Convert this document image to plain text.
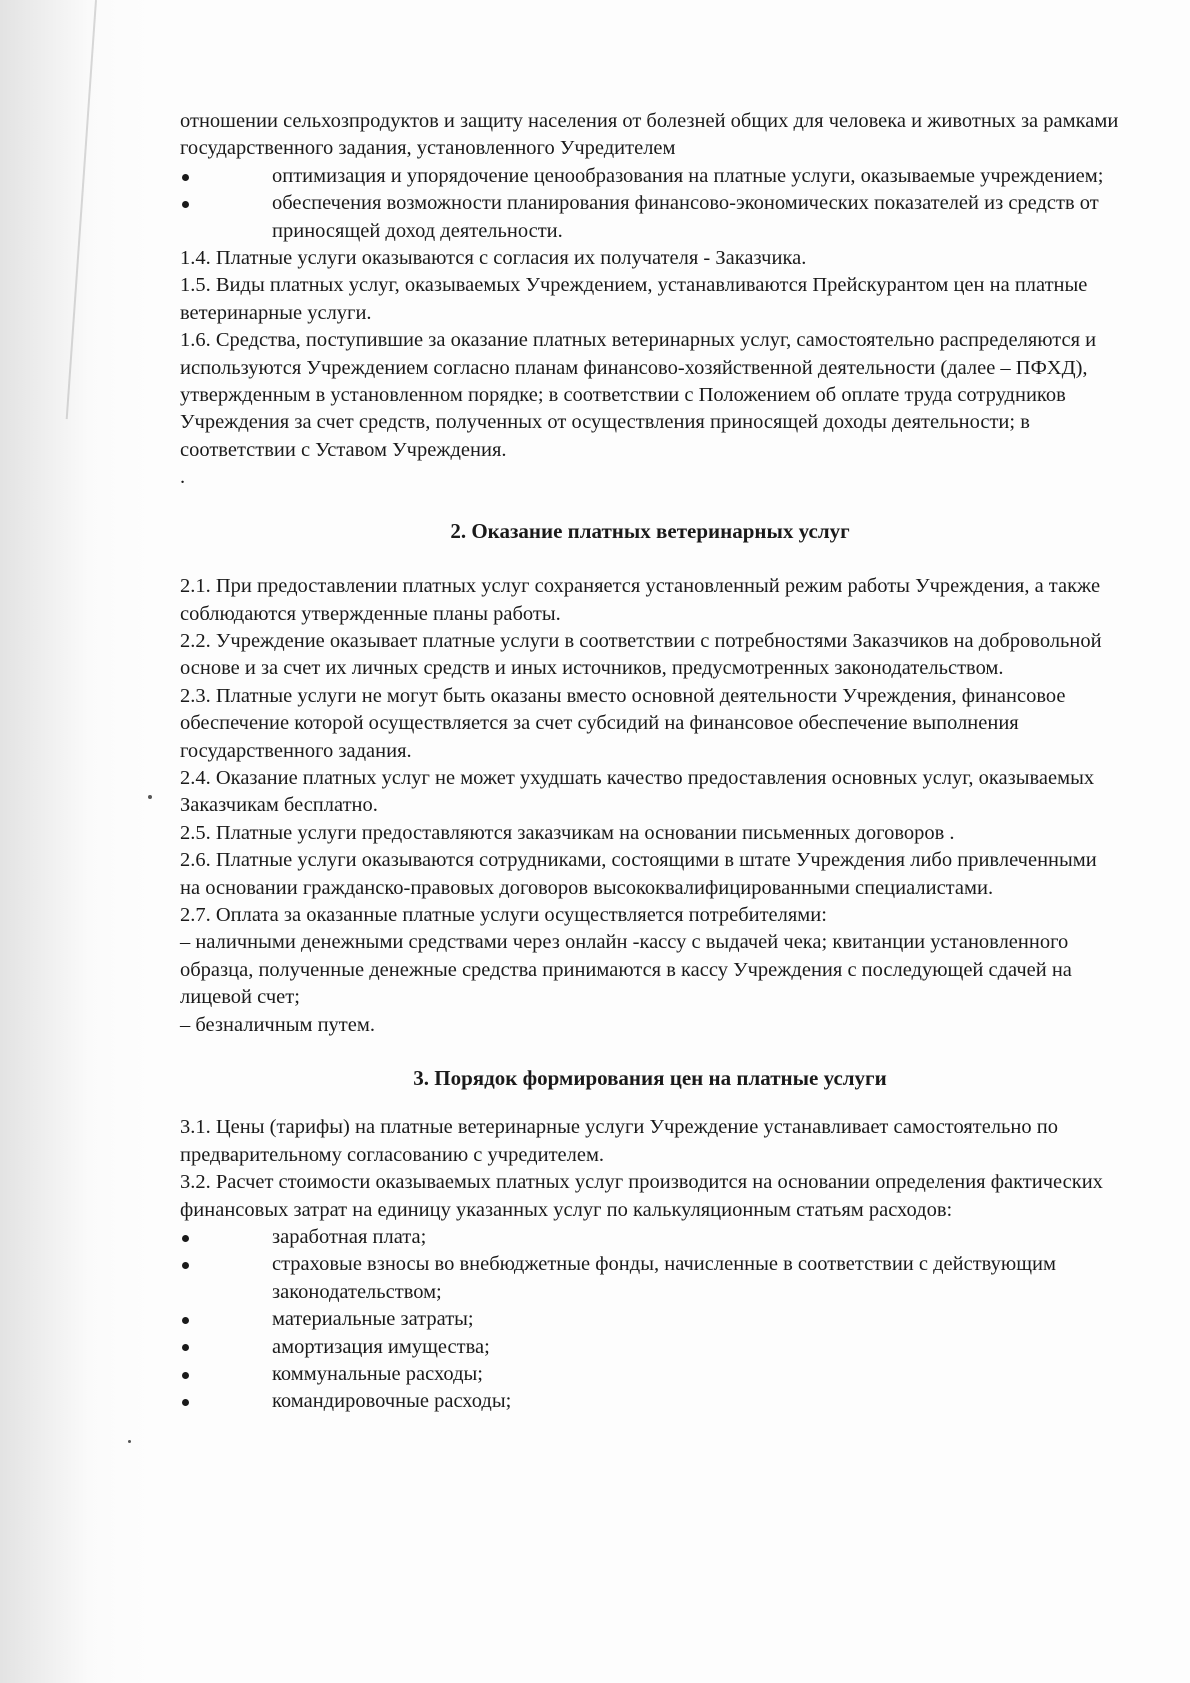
отношении сельхозпродуктов и защиту населения от болезней общих для человека и животных за рамками государственного задания, установленного Учредителем

оптимизация и упорядочение ценообразования на платные услуги, оказываемые учреждением;

обеспечения возможности планирования финансово-экономических показателей из средств от приносящей доход деятельности.

1.4. Платные услуги оказываются с согласия их получателя - Заказчика.

1.5. Виды платных услуг, оказываемых Учреждением, устанавливаются Прейскурантом цен на платные ветеринарные услуги.

1.6. Средства, поступившие за оказание платных ветеринарных услуг, самостоятельно распределяются и используются Учреждением согласно планам финансово-хозяйственной деятельности (далее – ПФХД), утвержденным в установленном порядке; в соответствии с Положением об оплате труда сотрудников Учреждения за счет средств, полученных от осуществления приносящей доходы деятельности; в соответствии с Уставом Учреждения.

.

2. Оказание платных ветеринарных услуг

2.1. При предоставлении платных услуг сохраняется установленный режим работы Учреждения, а также соблюдаются утвержденные планы работы.

2.2. Учреждение оказывает платные услуги в соответствии с потребностями Заказчиков на добровольной основе и за счет их личных средств и иных источников, предусмотренных законодательством.

2.3. Платные услуги не могут быть оказаны вместо основной деятельности Учреждения, финансовое обеспечение которой осуществляется за счет субсидий на финансовое обеспечение выполнения государственного задания.

2.4. Оказание платных услуг не может ухудшать качество предоставления основных услуг, оказываемых Заказчикам бесплатно.

2.5. Платные услуги предоставляются заказчикам на основании письменных договоров .

2.6. Платные услуги оказываются сотрудниками, состоящими в штате Учреждения либо привлеченными на основании гражданско-правовых договоров высококвалифицированными специалистами.

2.7. Оплата за оказанные платные услуги осуществляется потребителями:

– наличными денежными средствами через онлайн -кассу с выдачей чека; квитанции установленного образца, полученные денежные средства принимаются в кассу Учреждения с последующей сдачей на лицевой счет;

– безналичным путем.

3. Порядок формирования цен на платные услуги

3.1. Цены (тарифы) на платные ветеринарные услуги Учреждение устанавливает самостоятельно по предварительному согласованию с учредителем.

3.2. Расчет стоимости оказываемых платных услуг производится на основании определения фактических финансовых затрат на единицу указанных услуг по калькуляционным статьям расходов:

заработная плата;

страховые взносы во внебюджетные фонды, начисленные в соответствии с действующим законодательством;

материальные затраты;

амортизация имущества;

коммунальные расходы;

командировочные расходы;
